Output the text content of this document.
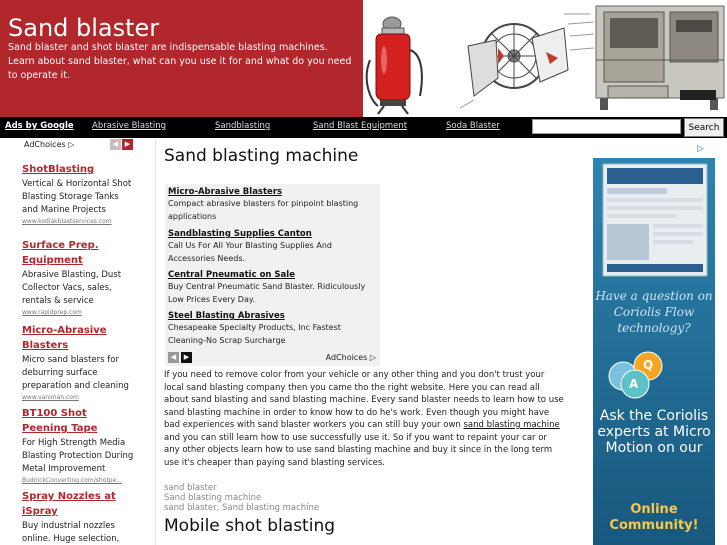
Sand blaster

Sand blaster and shot blaster are indispensable blasting machines. Learn about sand blaster, what can you use it for and what do you need to operate it.

Ads by Google Abrasive Blasting	Sandblasting	Sand Blast Equipment	Soda Blaster	Search
AdChoices ▷	◀ ▶
ShotBlasting
Vertical & Horizontal Shot Blasting Storage Tanks and Marine Projects
www.kodiakblastservices.com
Surface Prep. Equipment
Abrasive Blasting, Dust Collector Vacs, sales, rentals & service
www.rapidprep.com
Micro-Abrasive Blasters
Micro sand blasters for deburring surface preparation and cleaning
www.vaniman.com
BT100 Shot Peening Tape
For High Strength Media Blasting Protection During Metal Improvement
BudnickConverting.com/shotpe...
Spray Nozzles at iSpray
Buy industrial nozzles online. Huge selection,
Sand blasting machine
Micro-Abrasive Blasters
Compact abrasive blasters for pinpoint blasting applications
Sandblasting Supplies Canton
Call Us For All Your Blasting Supplies And Accessories Needs.
Central Pneumatic on Sale
Buy Central Pneumatic Sand Blaster. Ridiculously Low Prices Every Day.
Steel Blasting Abrasives
Chesapeake Specialty Products, Inc Fastest Cleaning-No Scrap Surcharge
◀	▶	AdChoices ▷

If you need to remove color from your vehicle or any other thing and you don't trust your local sand blasting company then you came tho the right website. Here you can read all about sand blasting and sand blasting machine. Every sand blaster needs to learn how to use sand blasting machine in order to know how to do he's work. Even though you might have bad experiences with sand blaster workers you can still buy your own sand blasting machine and you can still learn how to use successfully use it. So if you want to repaint your car or any other objects learn how to use sand blasting machine and buy it since in the long term use it's cheaper than paying sand blasting services.

sand blaster
Sand blasting machine
sand blaster, Sand blasting machine
Mobile shot blasting
▷
Have a question on Coriolis Flow technology?
Q
A
Ask the Coriolis experts at Micro Motion on our
Online Community!
